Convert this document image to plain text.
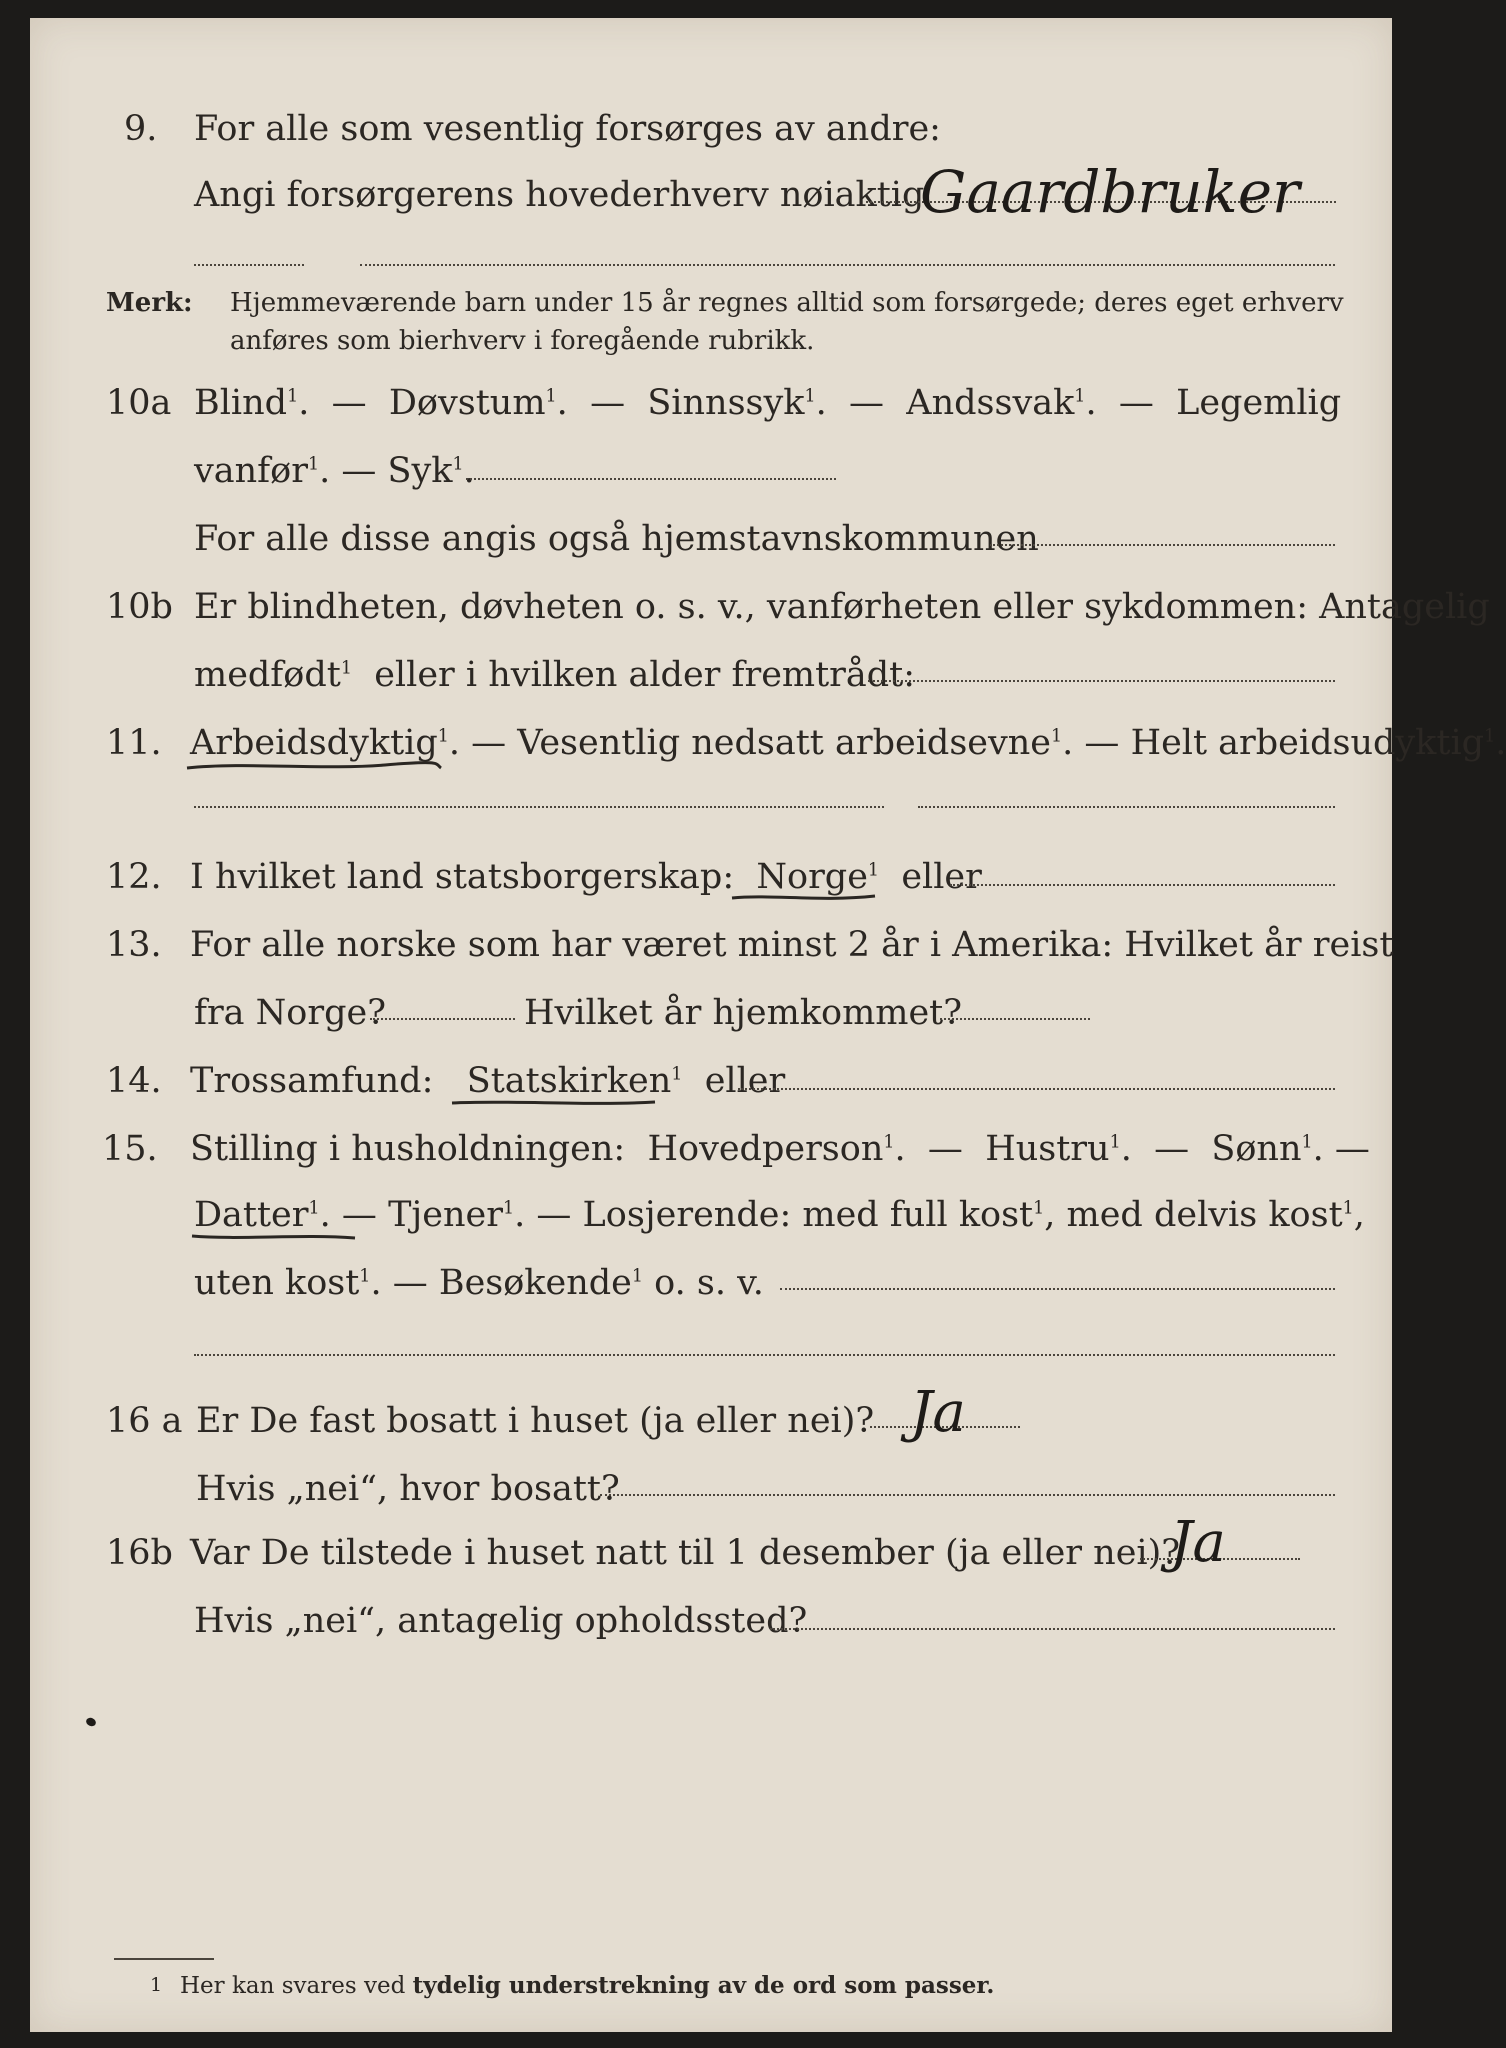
9. For alle som vesentlig forsørges av andre:
Angi forsørgerens hovederhverv nøiaktig
Gaardbruker
Merk: Hjemmeværende barn under 15 år regnes alltid som forsørgede; deres eget erhverv
anføres som bierhverv i foregående rubrikk.
10a Blind$^1$.  — Døvstum$^1$.  — Sinnssyk$^1$.  — Andssvak$^1$.  — Legemlig
vanfør$^1$. — Syk$^1$.
For alle disse angis også hjemstavnskommunen
10b Er blindheten, døvheten o. s. v., vanførheten eller sykdommen: Antagelig
medfødt$^1$ eller i hvilken alder fremtrådt:
11. Arbeidsdyktig$^1$. — Vesentlig nedsatt arbeidsevne$^1$. — Helt arbeidsudyktig$^1$.
12. I hvilket land statsborgerskap: Norge$^1$ eller
13. For alle norske som har været minst 2 år i Amerika: Hvilket år reist
fra Norge?	Hvilket år hjemkommet?
14. Trossamfund: Statskirken$^1$ eller
15. Stilling i husholdningen: Hovedperson$^1$.  — Hustru$^1$.  — Sønn$^1$. —
Datter$^1$. — Tjener$^1$. — Losjerende: med full kost$^1$, med delvis kost$^1$,
uten kost$^1$. — Besøkende$^1$ o. s. v.
16 a Er De fast bosatt i huset (ja eller nei)? Ja
Hvis „nei“, hvor bosatt?
16b Var De tilstede i huset natt til 1 desember (ja eller nei)?
Ja
Hvis „nei“, antagelig opholdssted?
1 Her kan svares ved tydelig understrekning av de ord som passer.
